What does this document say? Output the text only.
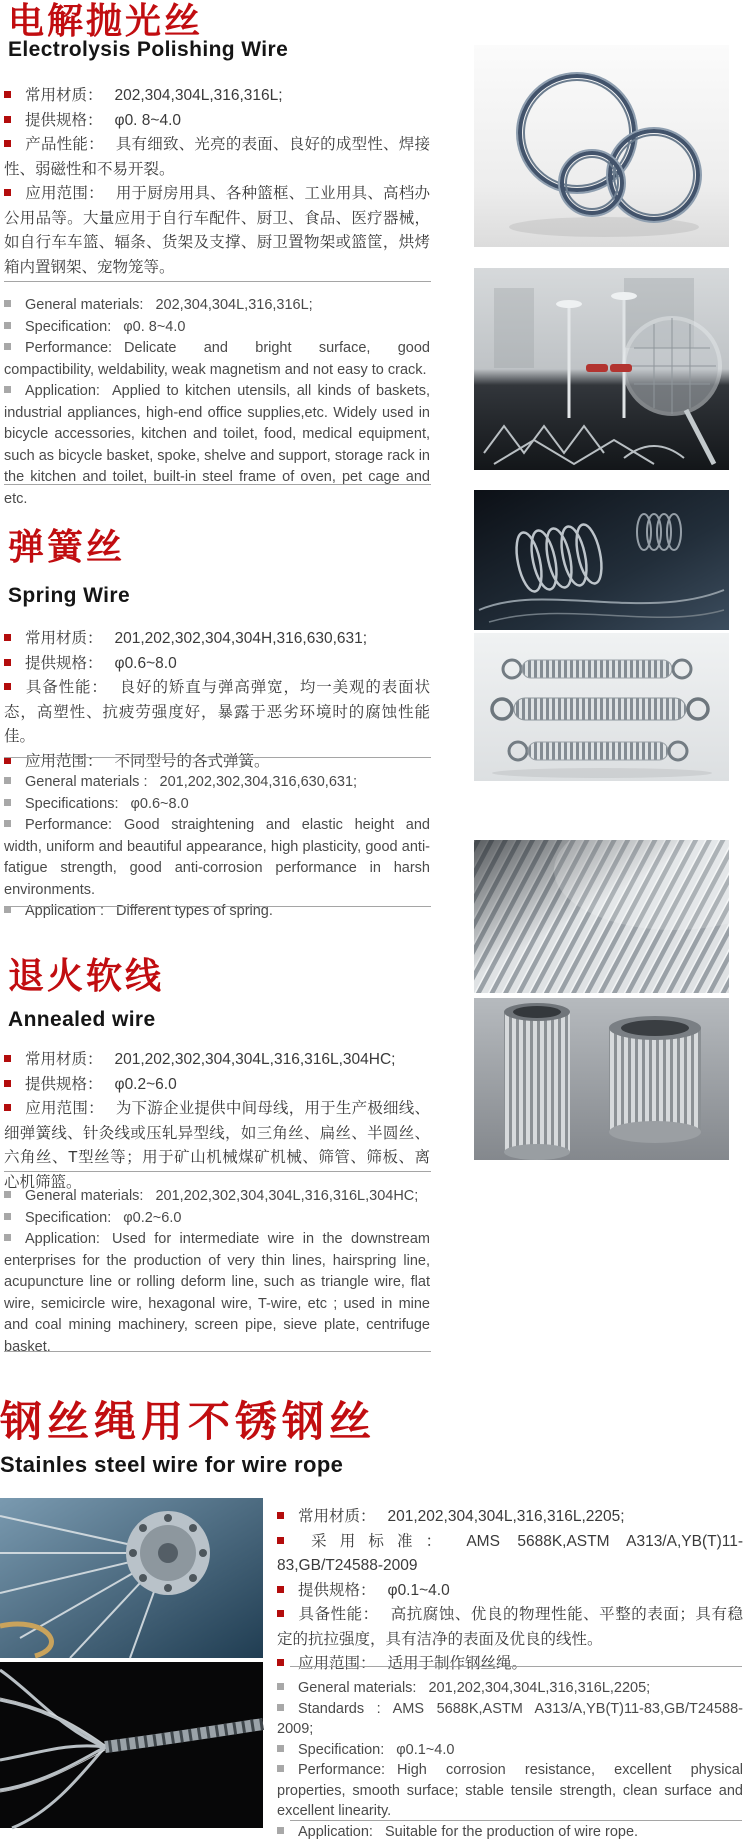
电解抛光丝
Electrolysis Polishing Wire

常用材质： 202,304,304L,316,316L;

提供规格： φ0. 8~4.0

产品性能： 具有细致、光亮的表面、良好的成型性、焊接性、弱磁性和不易开裂。

应用范围： 用于厨房用具、各种篮框、工业用具、高档办公用品等。大量应用于自行车配件、厨卫、食品、医疗器械，如自行车车篮、辐条、货架及支撑、厨卫置物架或篮筐，烘烤箱内置钢架、宠物笼等。

General materials: 202,304,304L,316,316L;

Specification: φ0. 8~4.0

Performance: Delicate and bright surface, good compactibility, weldability, weak magnetism and not easy to crack.

Application: Applied to kitchen utensils, all kinds of baskets, industrial appliances, high-end office supplies,etc. Widely used in bicycle accessories, kitchen and toilet, food, medical equipment, such as bicycle basket, spoke, shelve and support, storage rack in the kitchen and toilet, built-in steel frame of oven, pet cage and etc.

弹簧丝
Spring Wire

常用材质： 201,202,302,304,304H,316,630,631;

提供规格： φ0.6~8.0

具备性能： 良好的矫直与弹高弹宽，均一美观的表面状态，高塑性、抗疲劳强度好，暴露于恶劣环境时的腐蚀性能佳。

应用范围： 不同型号的各式弹簧。

General materials : 201,202,302,304,316,630,631;

Specifications: φ0.6~8.0

Performance: Good straightening and elastic height and width, uniform and beautiful appearance, high plasticity, good anti-fatigue strength, good anti-corrosion performance in harsh environments.

Application : Different types of spring.

退火软线
Annealed wire

常用材质： 201,202,302,304,304L,316,316L,304HC;

提供规格： φ0.2~6.0

应用范围： 为下游企业提供中间母线，用于生产极细线、细弹簧线、针灸线或压轧异型线，如三角丝、扁丝、半圆丝、六角丝、T型丝等；用于矿山机械煤矿机械、筛管、筛板、离心机筛篮。

General materials: 201,202,302,304,304L,316,316L,304HC;

Specification: φ0.2~6.0

Application: Used for intermediate wire in the downstream enterprises for the production of very thin lines, hairspring line, acupuncture line or rolling deform line, such as triangle wire, flat wire, semicircle wire, hexagonal wire, T-wire, etc ; used in mine and coal mining machinery, screen pipe, sieve plate, centrifuge basket.

钢丝绳用不锈钢丝
Stainles steel wire for wire rope

常用材质： 201,202,304,304L,316,316L,2205;

采用标准： AMS 5688K,ASTM A313/A,YB(T)11-83,GB/T24588-2009

提供规格： φ0.1~4.0

具备性能： 高抗腐蚀、优良的物理性能、平整的表面；具有稳定的抗拉强度，具有洁净的表面及优良的线性。

应用范围： 适用于制作钢丝绳。

General materials: 201,202,304,304L,316,316L,2205;

Standards : AMS 5688K,ASTM A313/A,YB(T)11-83,GB/T24588-2009;

Specification: φ0.1~4.0

Performance: High corrosion resistance, excellent physical properties, smooth surface; stable tensile strength, clean surface and excellent linearity.

Application: Suitable for the production of wire rope.
